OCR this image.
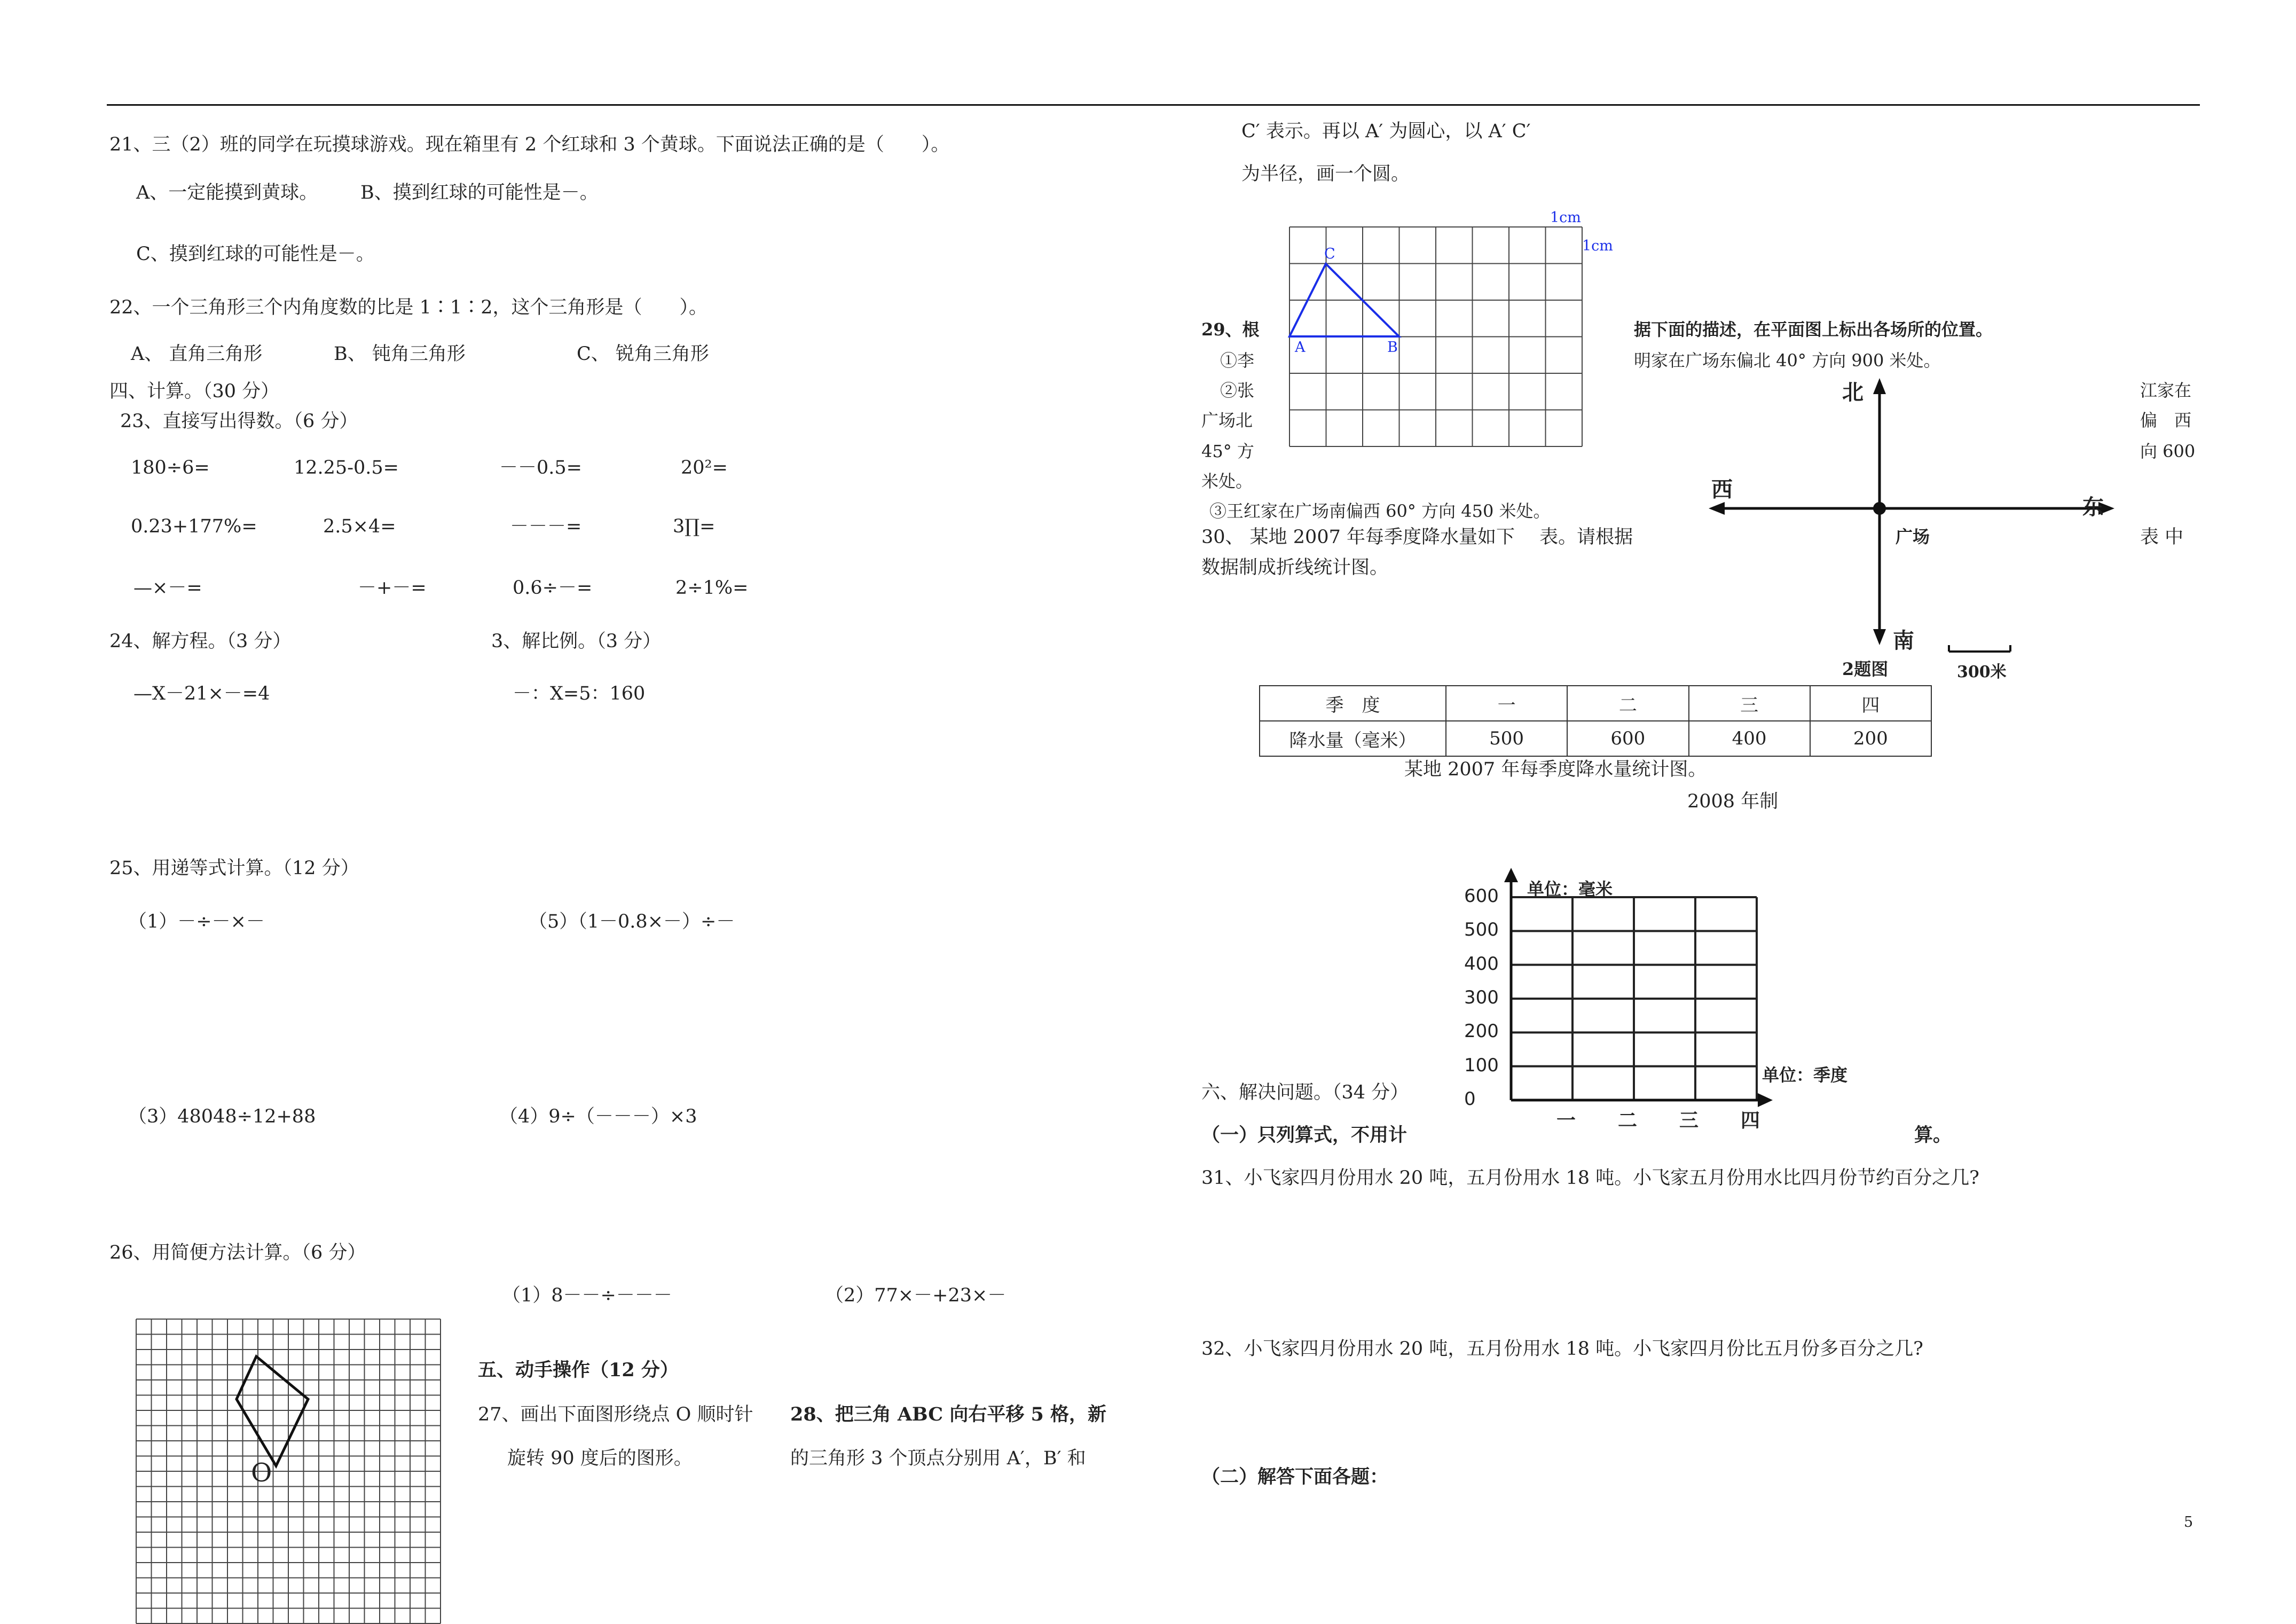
21、三（2）班的同学在玩摸球游戏。现在箱里有 2 个红球和 3 个黄球。下面说法正确的是（　　）。
A、一定能摸到黄球。 B、摸到红球的可能性是－。
C、摸到红球的可能性是－。
22、一个三角形三个内角度数的比是 1∶1∶2，这个三角形是（　　）。
A、 直角三角形	B、 钝角三角形	C、 锐角三角形
四、计算。（30 分）
23、直接写出得数。（6 分）
180÷6=	12.25-0.5=	－－0.5=	20²=
0.23+177%=	2.5×4=	－－－=	3∏=
—×－=	－+－=	0.6÷－=	2÷1%=
24、解方程。（3 分）	3、解比例。（3 分）
—X－21×－=4	－：X=5：160
25、用递等式计算。（12 分）
（1）－÷－×－	（5）（1－0.8×－）÷－
（3）48048÷12+88	（4）9÷（－－－）×3
26、用简便方法计算。（6 分）
（1）8－－÷－－－	（2）77×－+23×－
O
五、动手操作（12 分）
27、画出下面图形绕点 O 顺时针
旋转 90 度后的图形。
28、把三角 ABC 向右平移 5 格，新
的三角形 3 个顶点分别用 A′，B′ 和
C′ 表示。再以 A′ 为圆心，以 A′ C′
为半径，画一个圆。
1cm
1cm
A	B
C
29、根	据下面的描述，在平面图上标出各场所的位置。
①李	明家在广场东偏北 40° 方向 900 米处。
②张
广场北
45° 方
米处。
江家在
偏　西
向 600
③王红家在广场南偏西 60° 方向 450 米处。
北
南
东
西
广场
2题图	300米
30、 某地 2007 年每季度降水量如下　 表。请根据	表 中
数据制成折线统计图。
季　度	一	二	三	四
降水量（毫米）	500	600	400	200
某地 2007 年每季度降水量统计图。
2008 年制
单位：毫米
单位：季度
600
500
400
300
200
100
0
一 二 三 四
六、解决问题。（34 分）
（一）只列算式，不用计	算。
31、小飞家四月份用水 20 吨，五月份用水 18 吨。小飞家五月份用水比四月份节约百分之几?
32、小飞家四月份用水 20 吨，五月份用水 18 吨。小飞家四月份比五月份多百分之几?
（二）解答下面各题：
5
